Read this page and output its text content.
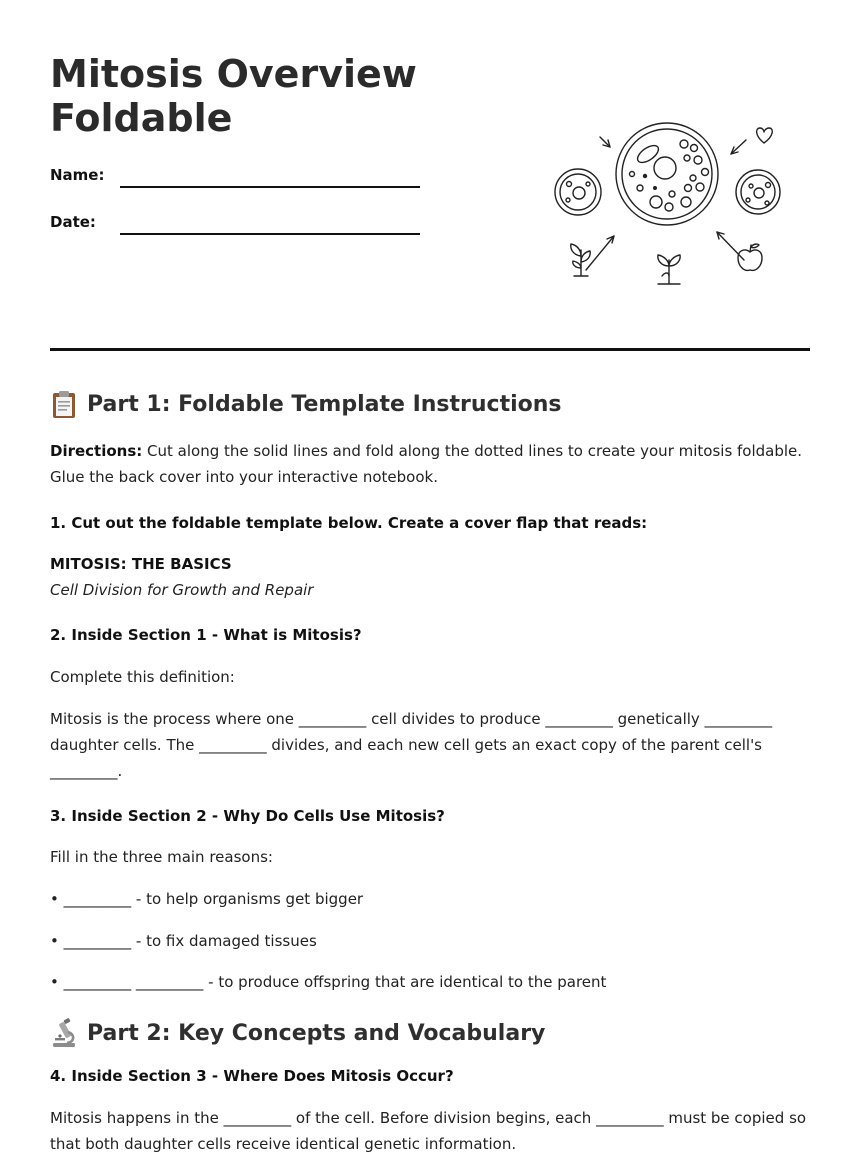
Mitosis Overview Foldable
Name:
Date:
Part 1: Foldable Template Instructions

Directions: Cut along the solid lines and fold along the dotted lines to create your mitosis foldable. Glue the back cover into your interactive notebook.

1. Cut out the foldable template below. Create a cover flap that reads:

MITOSIS: THE BASICS

Cell Division for Growth and Repair

2. Inside Section 1 - What is Mitosis?

Complete this definition:

Mitosis is the process where one _________ cell divides to produce _________ genetically _________ daughter cells. The _________ divides, and each new cell gets an exact copy of the parent cell's _________.

3. Inside Section 2 - Why Do Cells Use Mitosis?

Fill in the three main reasons:

• _________ - to help organisms get bigger

• _________ - to fix damaged tissues

• _________ _________ - to produce offspring that are identical to the parent

Part 2: Key Concepts and Vocabulary

4. Inside Section 3 - Where Does Mitosis Occur?

Mitosis happens in the _________ of the cell. Before division begins, each _________ must be copied so that both daughter cells receive identical genetic information.
